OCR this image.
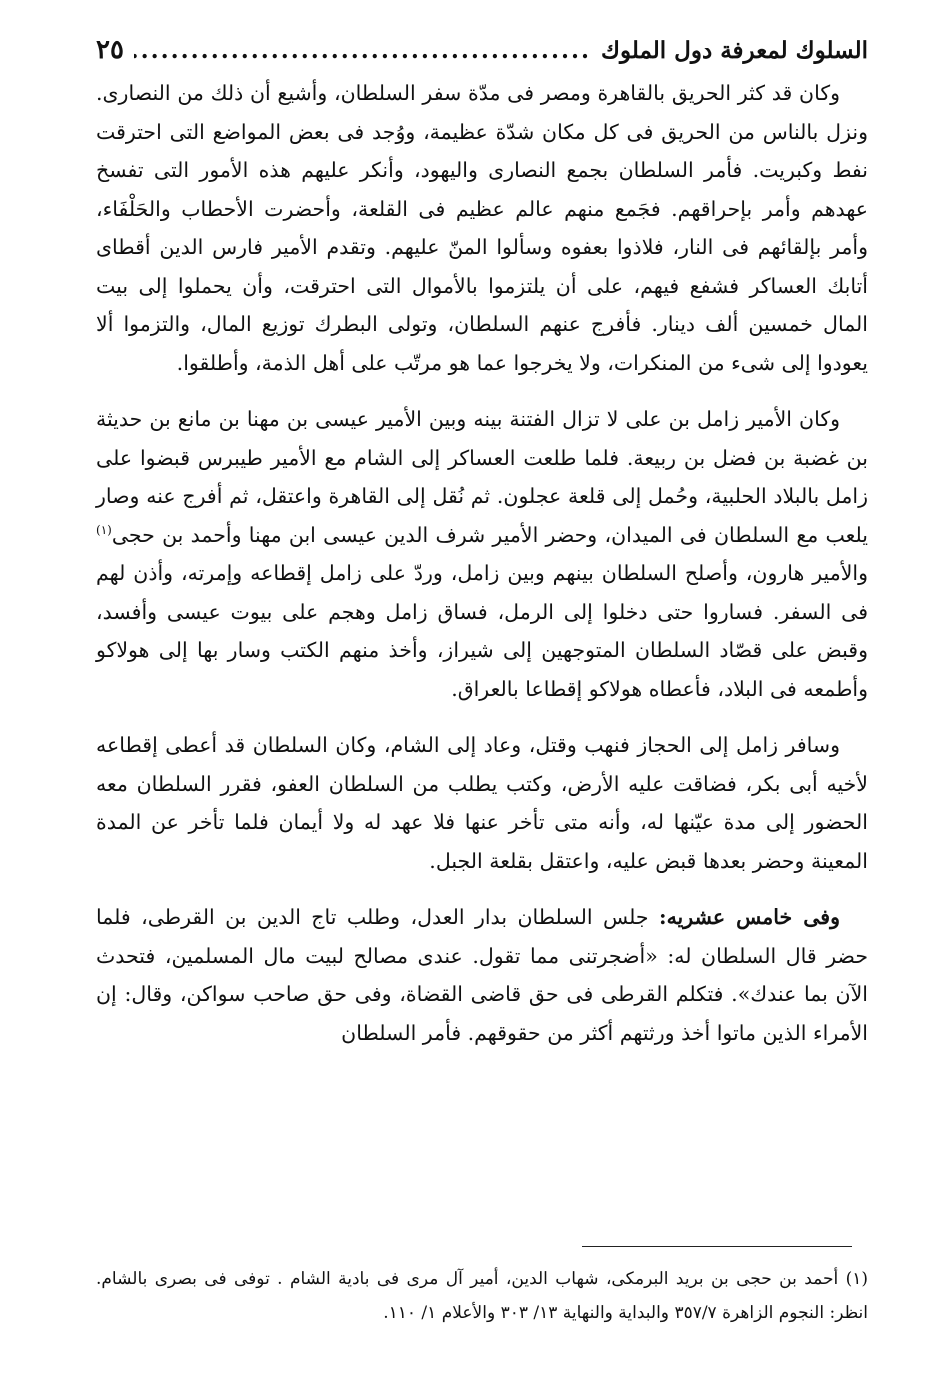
السلوك لمعرفة دول الملوك
.....
٢٥

وكان قد كثر الحريق بالقاهرة ومصر فى مدّة سفر السلطان، وأشيع أن ذلك من النصارى. ونزل بالناس من الحريق فى كل مكان شدّة عظيمة، ووُجد فى بعض المواضع التى احترقت نفط وكبريت. فأمر السلطان بجمع النصارى واليهود، وأنكر عليهم هذه الأمور التى تفسخ عهدهم وأمر بإحراقهم. فجَمع منهم عالم عظيم فى القلعة، وأحضرت الأحطاب والحَلْفَاء، وأمر بإلقائهم فى النار، فلاذوا بعفوه وسألوا المنّ عليهم. وتقدم الأمير فارس الدين أقطاى أتابك العساكر فشفع فيهم، على أن يلتزموا بالأموال التى احترقت، وأن يحملوا إلى بيت المال خمسين ألف دينار. فأفرج عنهم السلطان، وتولى البطرك توزيع المال، والتزموا ألا يعودوا إلى شىء من المنكرات، ولا يخرجوا عما هو مرتّب على أهل الذمة، وأطلقوا.

وكان الأمير زامل بن على لا تزال الفتنة بينه وبين الأمير عيسى بن مهنا بن مانع بن حديثة بن غضبة بن فضل بن ربيعة. فلما طلعت العساكر إلى الشام مع الأمير طيبرس قبضوا على زامل بالبلاد الحلبية، وحُمل إلى قلعة عجلون. ثم نُقل إلى القاهرة واعتقل، ثم أفرج عنه وصار يلعب مع السلطان فى الميدان، وحضر الأمير شرف الدين عيسى ابن مهنا وأحمد بن حجى$^{(١)}$ والأمير هارون، وأصلح السلطان بينهم وبين زامل، وردّ على زامل إقطاعه وإمرته، وأذن لهم فى السفر. فساروا حتى دخلوا إلى الرمل، فساق زامل وهجم على بيوت عيسى وأفسد، وقبض على قصّاد السلطان المتوجهين إلى شيراز، وأخذ منهم الكتب وسار بها إلى هولاكو وأطمعه فى البلاد، فأعطاه هولاكو إقطاعا بالعراق.

وسافر زامل إلى الحجاز فنهب وقتل، وعاد إلى الشام، وكان السلطان قد أعطى إقطاعه لأخيه أبى بكر، فضاقت عليه الأرض، وكتب يطلب من السلطان العفو، فقرر السلطان معه الحضور إلى مدة عيّنها له، وأنه متى تأخر عنها فلا عهد له ولا أيمان فلما تأخر عن المدة المعينة وحضر بعدها قبض عليه، واعتقل بقلعة الجبل.

وفى خامس عشريه: جلس السلطان بدار العدل، وطلب تاج الدين بن القرطى، فلما حضر قال السلطان له: «أضجرتنى مما تقول. عندى مصالح لبيت مال المسلمين، فتحدث الآن بما عندك». فتكلم القرطى فى حق قاضى القضاة، وفى حق صاحب سواكن، وقال: إن الأمراء الذين ماتوا أخذ ورثتهم أكثر من حقوقهم. فأمر السلطان

(١) أحمد بن حجى بن بريد البرمكى، شهاب الدين، أمير آل مرى فى بادية الشام . توفى فى بصرى بالشام. انظر: النجوم الزاهرة ٣٥٧/٧ والبداية والنهاية ١٣/ ٣٠٣ والأعلام ١/ ١١٠.
